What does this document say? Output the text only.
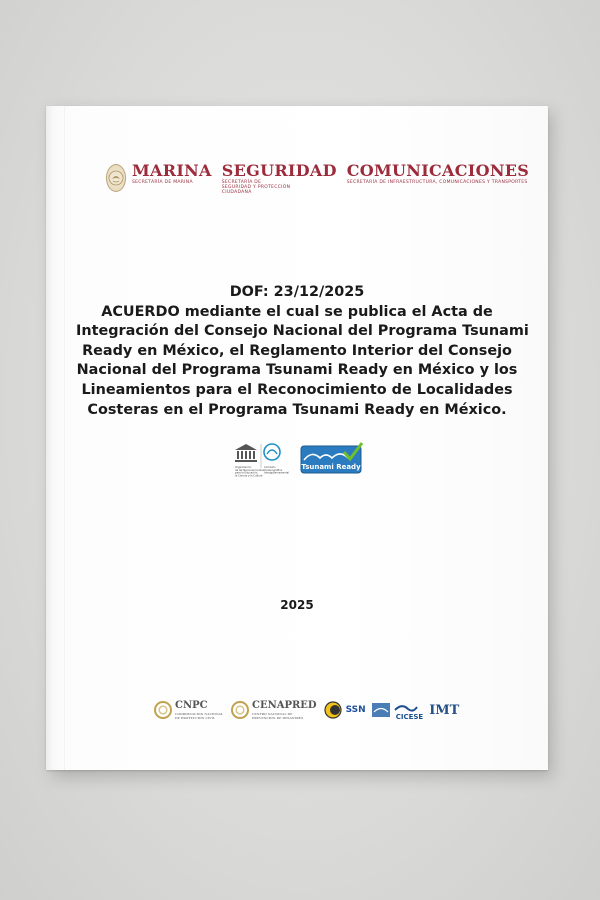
MARINA
SECRETARÍA DE MARINA
SEGURIDAD
SECRETARÍA DE SEGURIDAD Y PROTECCIÓN CIUDADANA
COMUNICACIONES
SECRETARÍA DE INFRAESTRUCTURA, COMUNICACIONES Y TRANSPORTES
DOF: 23/12/2025
ACUERDO mediante el cual se publica el Acta de
Integración del Consejo Nacional del Programa Tsunami
Ready en México, el Reglamento Interior del Consejo
Nacional del Programa Tsunami Ready en México y los
Lineamientos para el Reconocimiento de Localidades
Costeras en el Programa Tsunami Ready en México.
Organización de las Naciones Unidas para la Educación, la Ciencia y la Cultura
Comisión Oceanográfica Intergubernamental
Tsunami Ready
2025
CNPC
COORDINACIÓN NACIONAL DE PROTECCIÓN CIVIL
CENAPRED
CENTRO NACIONAL DE PREVENCIÓN DE DESASTRES
SSN
CICESE IMT
